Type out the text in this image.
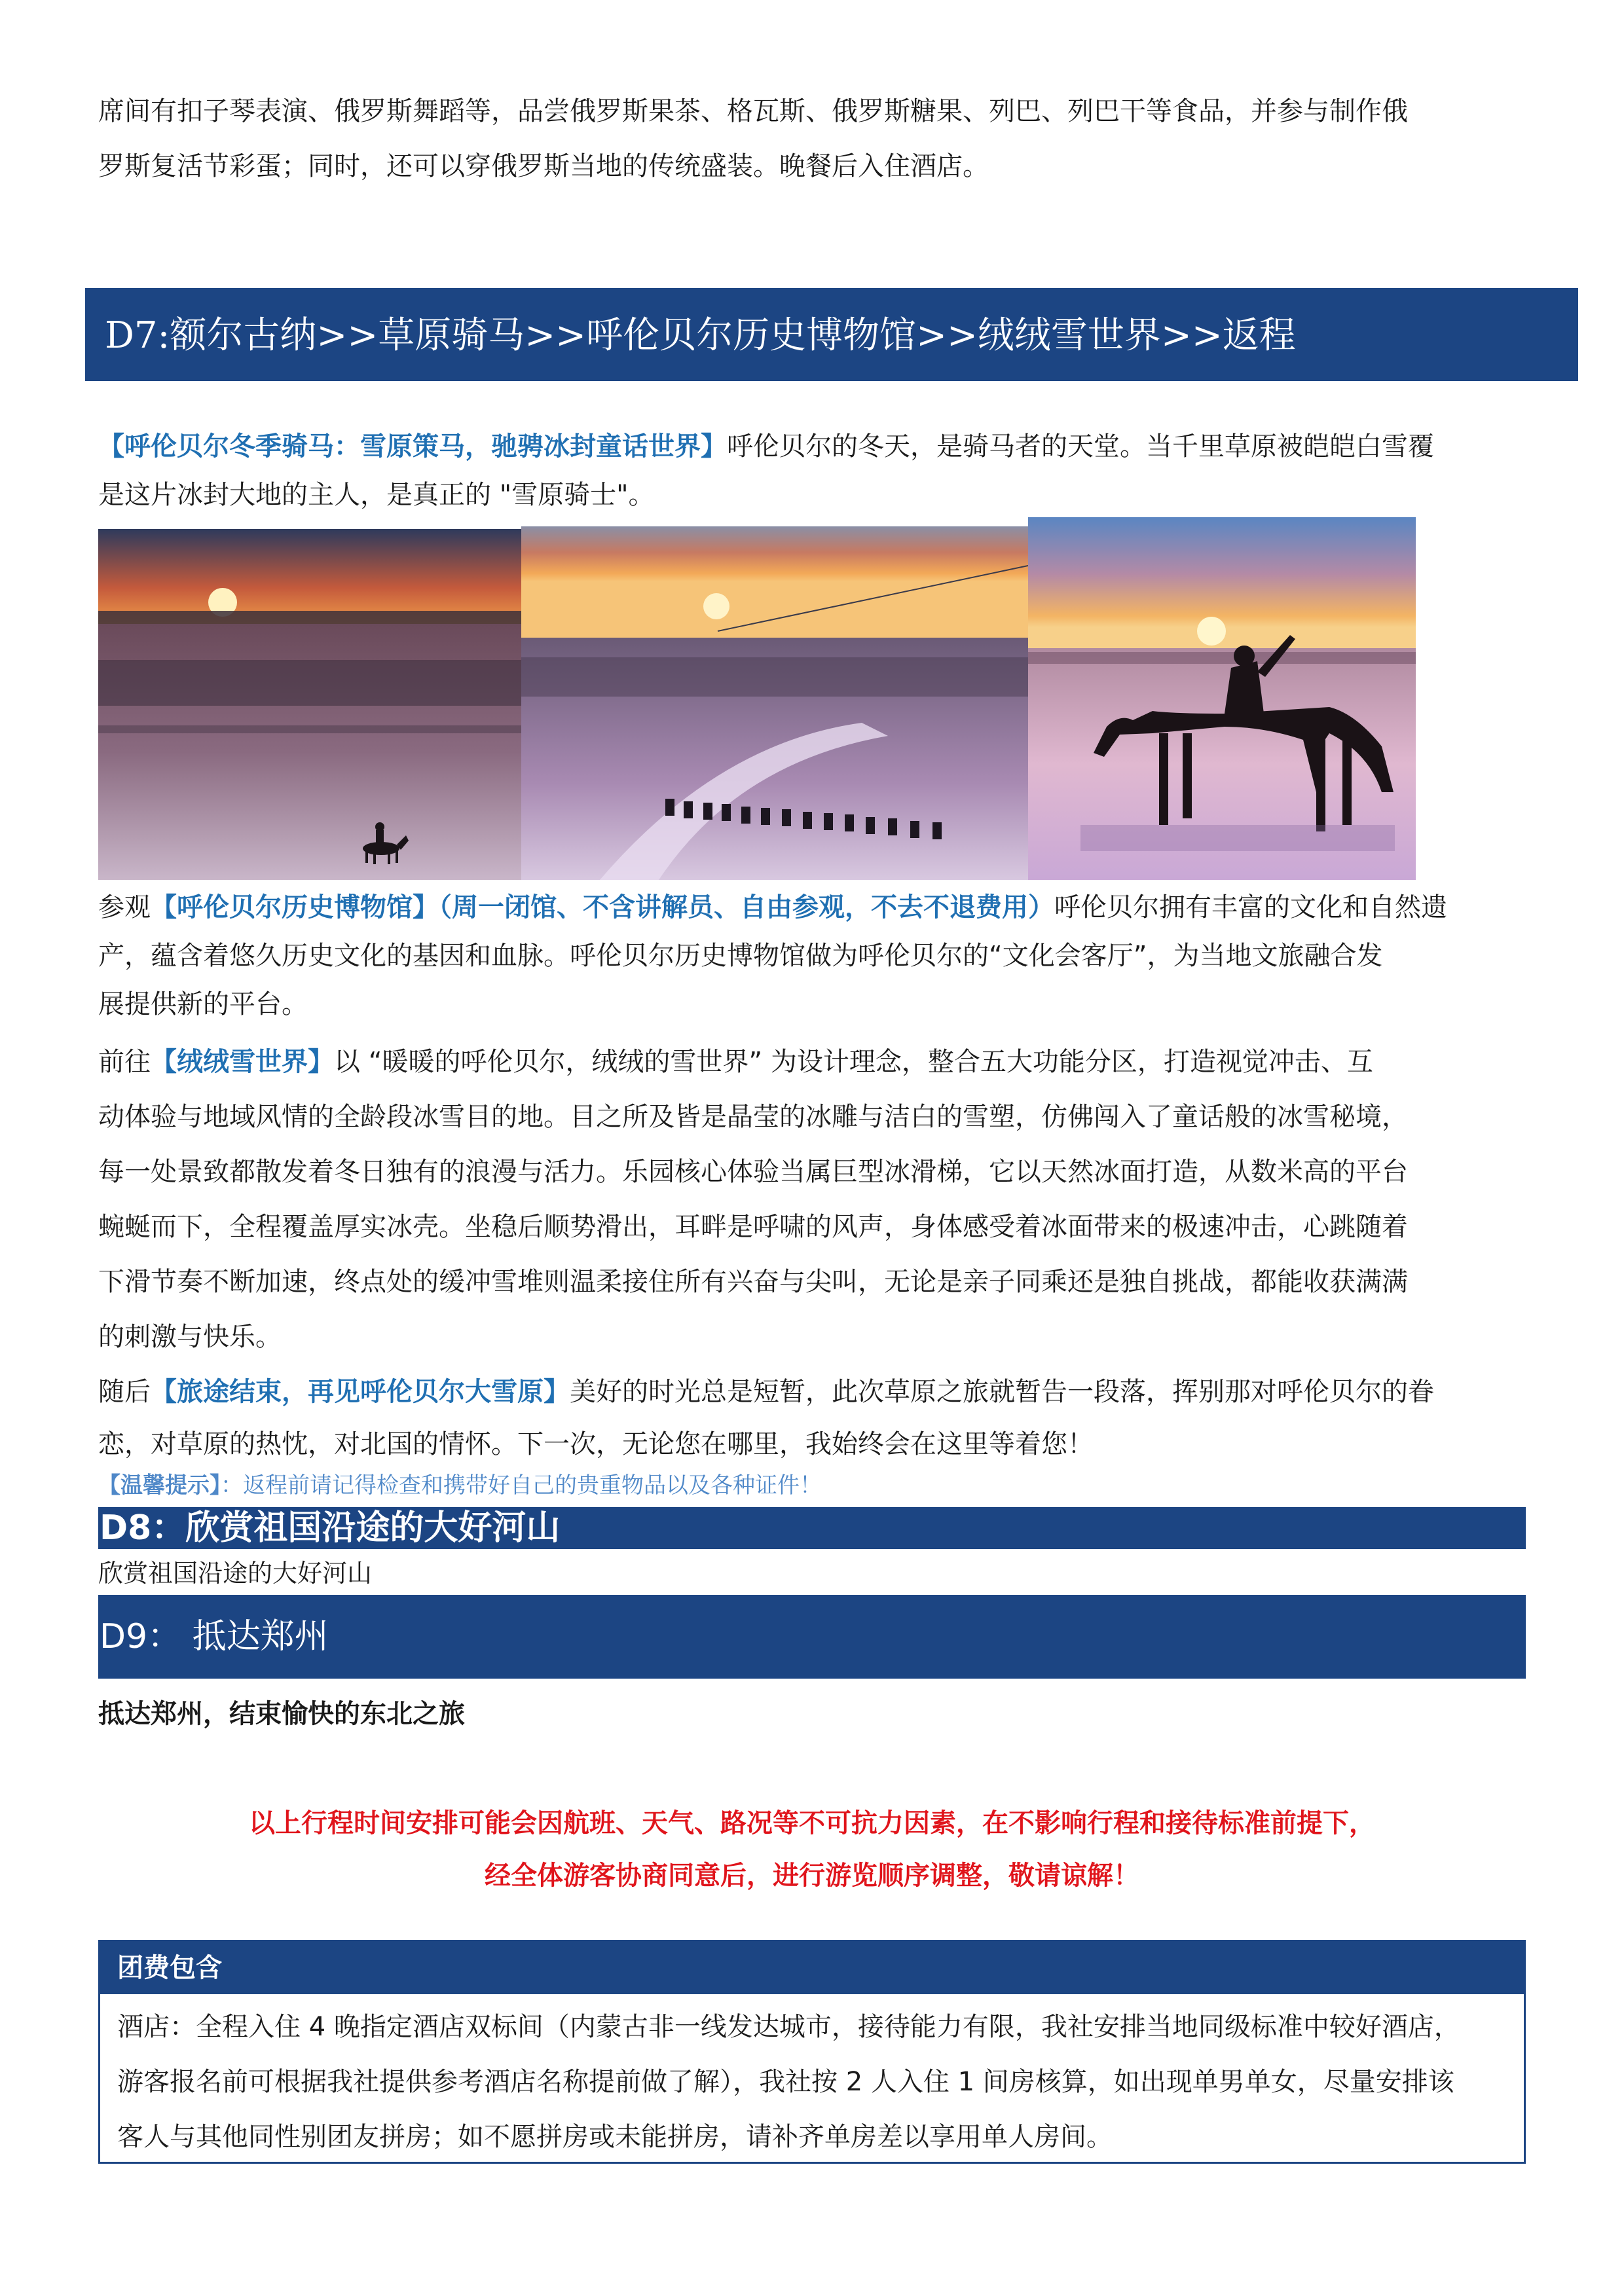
席间有扣子琴表演、俄罗斯舞蹈等，品尝俄罗斯果茶、格瓦斯、俄罗斯糖果、列巴、列巴干等食品，并参与制作俄

罗斯复活节彩蛋；同时，还可以穿俄罗斯当地的传统盛装。晚餐后入住酒店。

D7:额尔古纳>>草原骑马>>呼伦贝尔历史博物馆>>绒绒雪世界>>返程

【呼伦贝尔冬季骑马：雪原策马，驰骋冰封童话世界】呼伦贝尔的冬天，是骑马者的天堂。当千里草原被皑皑白雪覆

是这片冰封大地的主人，是真正的 "雪原骑士"。

参观【呼伦贝尔历史博物馆】（周一闭馆、不含讲解员、自由参观，不去不退费用）呼伦贝尔拥有丰富的文化和自然遗

产，蕴含着悠久历史文化的基因和血脉。呼伦贝尔历史博物馆做为呼伦贝尔的“文化会客厅”，为当地文旅融合发

展提供新的平台。

前往【绒绒雪世界】以 “暖暖的呼伦贝尔，绒绒的雪世界” 为设计理念，整合五大功能分区，打造视觉冲击、互

动体验与地域风情的全龄段冰雪目的地。目之所及皆是晶莹的冰雕与洁白的雪塑，仿佛闯入了童话般的冰雪秘境，

每一处景致都散发着冬日独有的浪漫与活力。乐园核心体验当属巨型冰滑梯，它以天然冰面打造，从数米高的平台

蜿蜒而下，全程覆盖厚实冰壳。坐稳后顺势滑出，耳畔是呼啸的风声，身体感受着冰面带来的极速冲击，心跳随着

下滑节奏不断加速，终点处的缓冲雪堆则温柔接住所有兴奋与尖叫，无论是亲子同乘还是独自挑战，都能收获满满

的刺激与快乐。

随后【旅途结束，再见呼伦贝尔大雪原】美好的时光总是短暂，此次草原之旅就暂告一段落，挥别那对呼伦贝尔的眷

恋，对草原的热忱，对北国的情怀。下一次，无论您在哪里，我始终会在这里等着您！

【温馨提示】：返程前请记得检查和携带好自己的贵重物品以及各种证件！

D8：欣赏祖国沿途的大好河山

欣赏祖国沿途的大好河山

D9： 抵达郑州

抵达郑州，结束愉快的东北之旅

以上行程时间安排可能会因航班、天气、路况等不可抗力因素，在不影响行程和接待标准前提下，
经全体游客协商同意后，进行游览顺序调整，敬请谅解！
团费包含
酒店：全程入住 4 晚指定酒店双标间（内蒙古非一线发达城市，接待能力有限，我社安排当地同级标准中较好酒店，
游客报名前可根据我社提供参考酒店名称提前做了解），我社按 2 人入住 1 间房核算，如出现单男单女，尽量安排该
客人与其他同性别团友拼房；如不愿拼房或未能拼房，请补齐单房差以享用单人房间。
